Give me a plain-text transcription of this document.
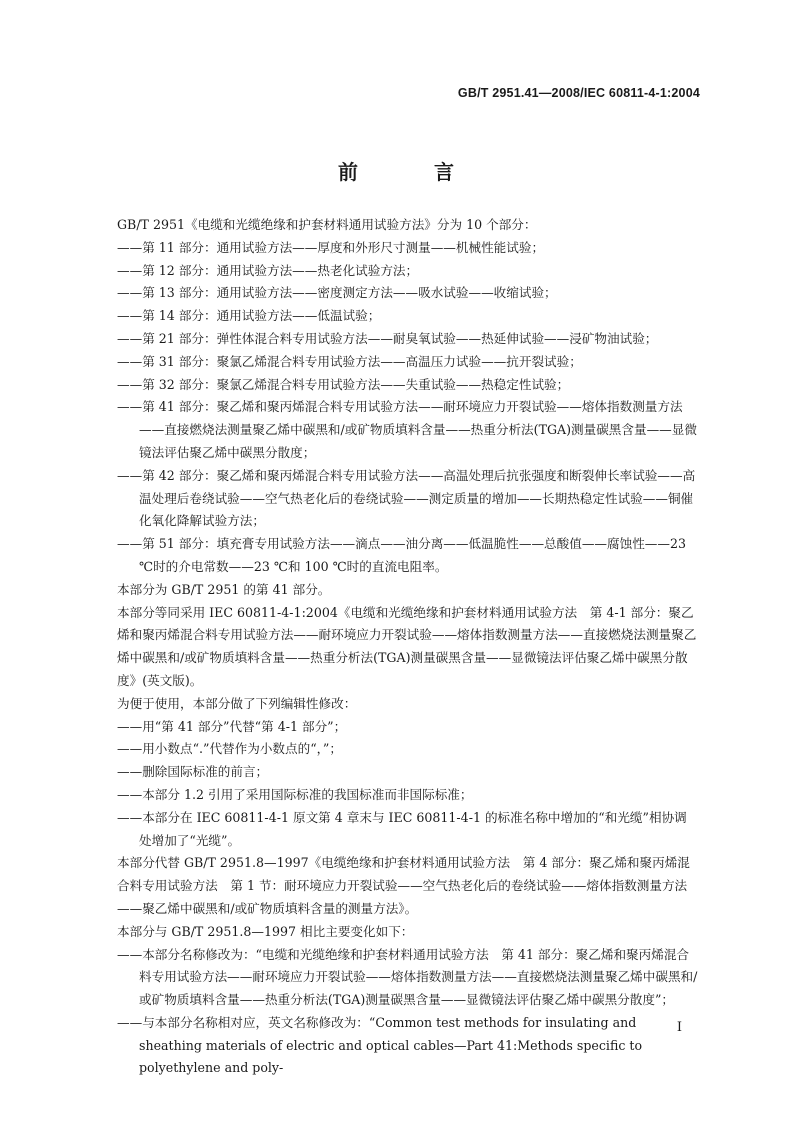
GB/T 2951.41—2008/IEC 60811-4-1:2004
前　言

GB/T 2951《电缆和光缆绝缘和护套材料通用试验方法》分为 10 个部分：

——第 11 部分：通用试验方法——厚度和外形尺寸测量——机械性能试验；

——第 12 部分：通用试验方法——热老化试验方法；

——第 13 部分：通用试验方法——密度测定方法——吸水试验——收缩试验；

——第 14 部分：通用试验方法——低温试验；

——第 21 部分：弹性体混合料专用试验方法——耐臭氧试验——热延伸试验——浸矿物油试验；

——第 31 部分：聚氯乙烯混合料专用试验方法——高温压力试验——抗开裂试验；

——第 32 部分：聚氯乙烯混合料专用试验方法——失重试验——热稳定性试验；

——第 41 部分：聚乙烯和聚丙烯混合料专用试验方法——耐环境应力开裂试验——熔体指数测量方法——直接燃烧法测量聚乙烯中碳黑和/或矿物质填料含量——热重分析法(TGA)测量碳黑含量——显微镜法评估聚乙烯中碳黑分散度；

——第 42 部分：聚乙烯和聚丙烯混合料专用试验方法——高温处理后抗张强度和断裂伸长率试验——高温处理后卷绕试验——空气热老化后的卷绕试验——测定质量的增加——长期热稳定性试验——铜催化氧化降解试验方法；

——第 51 部分：填充膏专用试验方法——滴点——油分离——低温脆性——总酸值——腐蚀性——23 ℃时的介电常数——23 ℃和 100 ℃时的直流电阻率。

本部分为 GB/T 2951 的第 41 部分。

本部分等同采用 IEC 60811-4-1:2004《电缆和光缆绝缘和护套材料通用试验方法　第 4-1 部分：聚乙烯和聚丙烯混合料专用试验方法——耐环境应力开裂试验——熔体指数测量方法——直接燃烧法测量聚乙烯中碳黑和/或矿物质填料含量——热重分析法(TGA)测量碳黑含量——显微镜法评估聚乙烯中碳黑分散度》(英文版)。

为便于使用，本部分做了下列编辑性修改：

——用“第 41 部分”代替“第 4-1 部分”；

——用小数点“.”代替作为小数点的“，”；

——删除国际标准的前言；

——本部分 1.2 引用了采用国际标准的我国标准而非国际标准；

——本部分在 IEC 60811-4-1 原文第 4 章末与 IEC 60811-4-1 的标准名称中增加的“和光缆”相协调处增加了“光缆”。

本部分代替 GB/T 2951.8—1997《电缆绝缘和护套材料通用试验方法　第 4 部分：聚乙烯和聚丙烯混合料专用试验方法　第 1 节：耐环境应力开裂试验——空气热老化后的卷绕试验——熔体指数测量方法——聚乙烯中碳黑和/或矿物质填料含量的测量方法》。

本部分与 GB/T 2951.8—1997 相比主要变化如下：

——本部分名称修改为：“电缆和光缆绝缘和护套材料通用试验方法　第 41 部分：聚乙烯和聚丙烯混合料专用试验方法——耐环境应力开裂试验——熔体指数测量方法——直接燃烧法测量聚乙烯中碳黑和/或矿物质填料含量——热重分析法(TGA)测量碳黑含量——显微镜法评估聚乙烯中碳黑分散度”；

——与本部分名称相对应，英文名称修改为：“Common test methods for insulating and sheathing materials of electric and optical cables—Part 41:Methods specific to polyethylene and poly-

I
